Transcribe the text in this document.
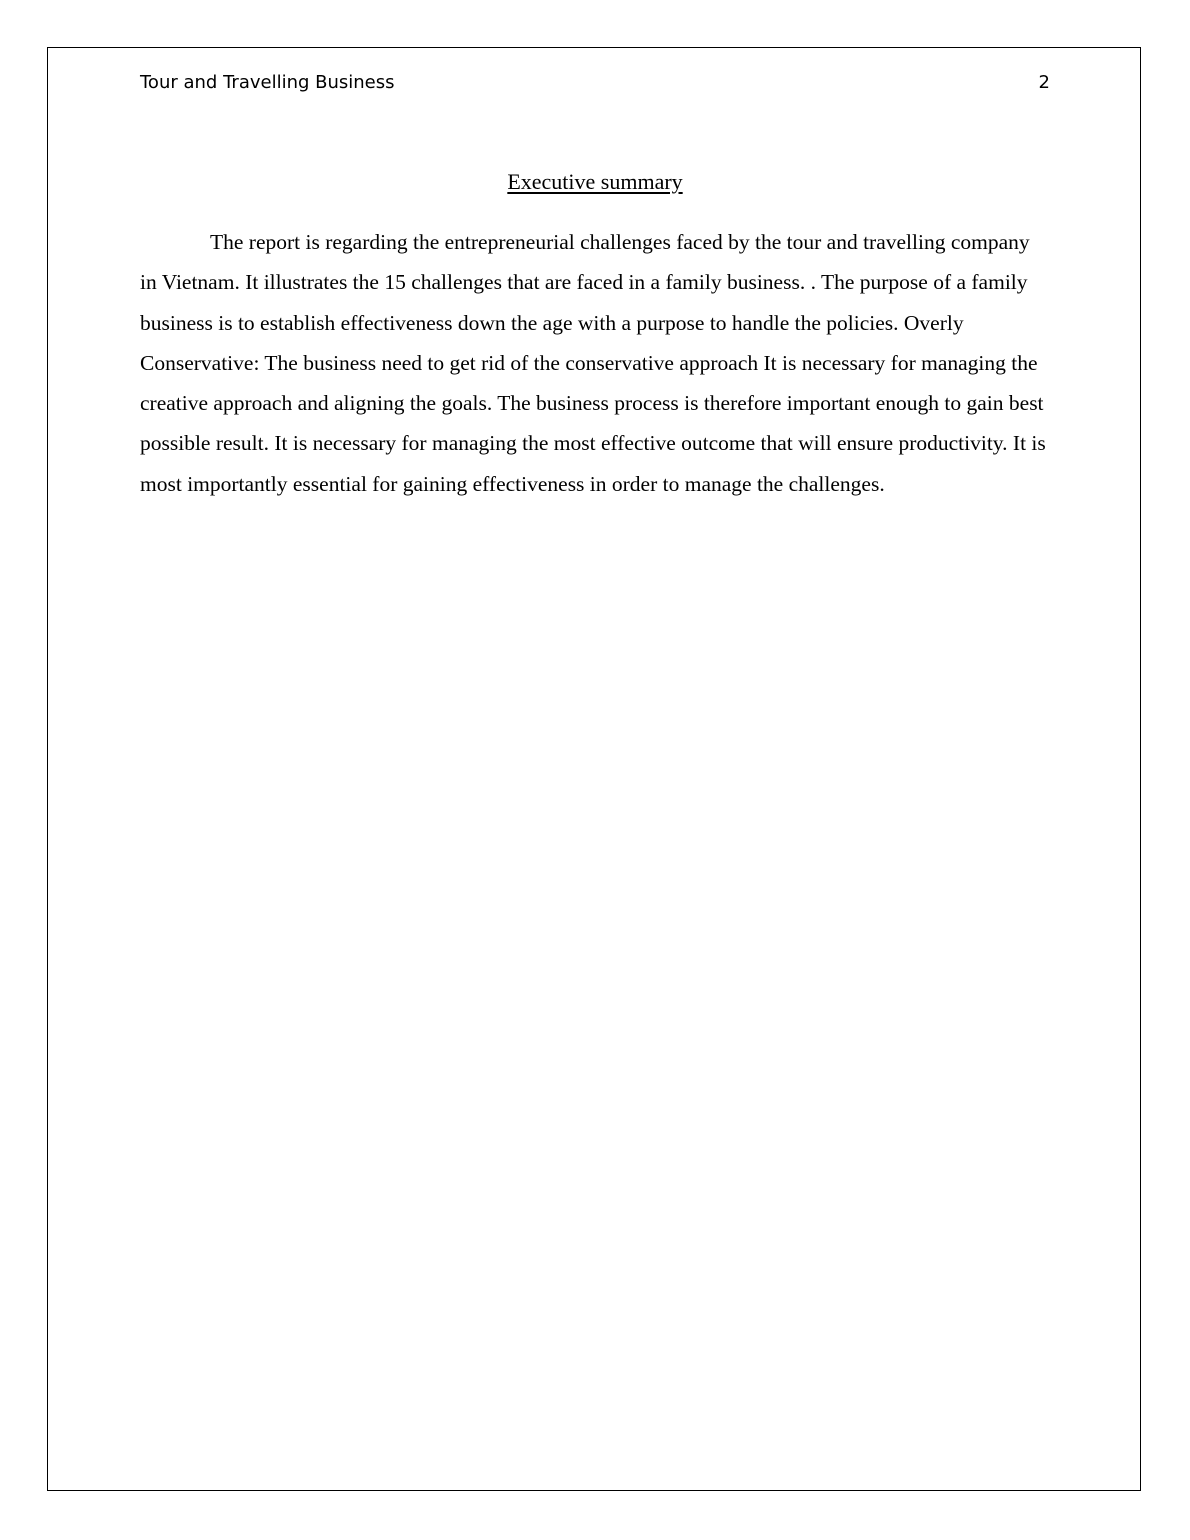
Tour and Travelling Business	2
Executive summary

The report is regarding the entrepreneurial challenges faced by the tour and travelling company in Vietnam. It illustrates the 15 challenges that are faced in a family business. . The purpose of a family business is to establish effectiveness down the age with a purpose to handle the policies. Overly Conservative: The business need to get rid of the conservative approach It is necessary for managing the creative approach and aligning the goals. The business process is therefore important enough to gain best possible result. It is necessary for managing the most effective outcome that will ensure productivity. It is most importantly essential for gaining effectiveness in order to manage the challenges.
